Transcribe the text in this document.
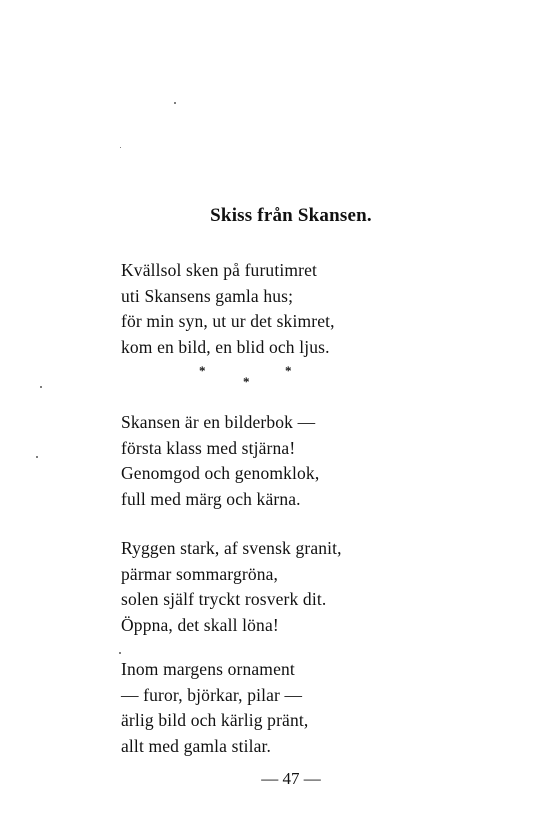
Skiss från Skansen.
Kvällsol sken på furutimret
uti Skansens gamla hus;
för min syn, ut ur det skimret,
kom en bild, en blid och ljus.
*
*
*
Skansen är en bilderbok —
första klass med stjärna!
Genomgod och genomklok,
full med märg och kärna.
Ryggen stark, af svensk granit,
pärmar sommargröna,
solen själf tryckt rosverk dit.
Öppna, det skall löna!
Inom margens ornament
— furor, björkar, pilar —
ärlig bild och kärlig pränt,
allt med gamla stilar.
— 47 —
